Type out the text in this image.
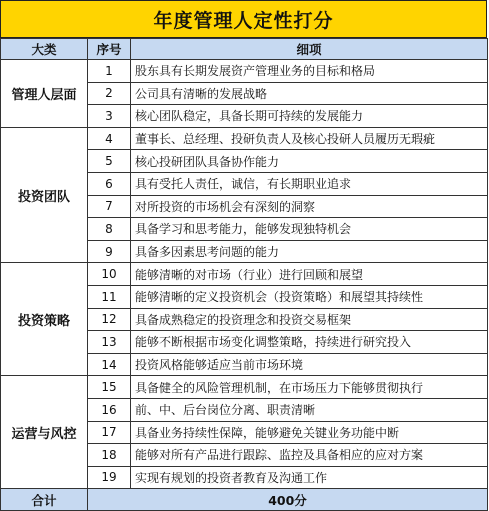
年度管理人定性打分
大类	序号	细项
管理人层面	1	股东具有长期发展资产管理业务的目标和格局
	2	公司具有清晰的发展战略
	3	核心团队稳定，具备长期可持续的发展能力
投资团队	4	董事长、总经理、投研负责人及核心投研人员履历无瑕疵
	5	核心投研团队具备协作能力
	6	具有受托人责任，诚信，有长期职业追求
	7	对所投资的市场机会有深刻的洞察
	8	具备学习和思考能力，能够发现独特机会
	9	具备多因素思考问题的能力
投资策略	10	能够清晰的对市场（行业）进行回顾和展望
	11	能够清晰的定义投资机会（投资策略）和展望其持续性
	12	具备成熟稳定的投资理念和投资交易框架
	13	能够不断根据市场变化调整策略，持续进行研究投入
	14	投资风格能够适应当前市场环境
运营与风控	15	具备健全的风险管理机制，在市场压力下能够贯彻执行
	16	前、中、后台岗位分离、职责清晰
	17	具备业务持续性保障，能够避免关键业务功能中断
	18	能够对所有产品进行跟踪、监控及具备相应的应对方案
	19	实现有规划的投资者教育及沟通工作
合计	400分	
